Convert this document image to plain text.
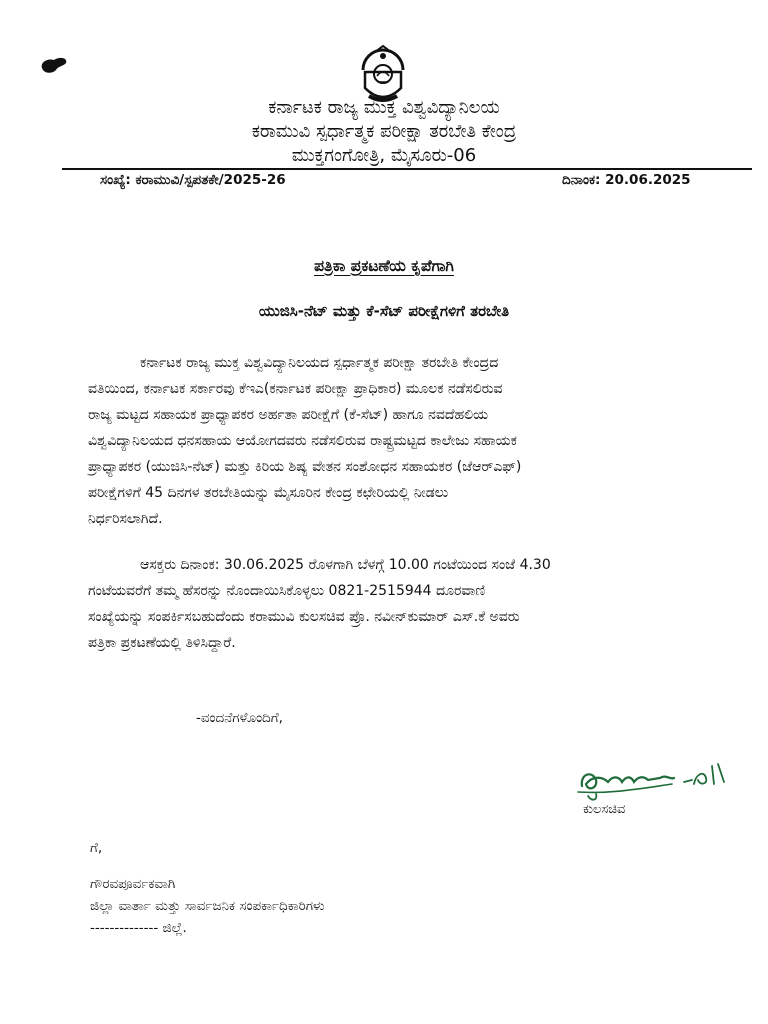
ಕರ್ನಾಟಕ ರಾಜ್ಯ ಮುಕ್ತ ವಿಶ್ವವಿದ್ಯಾನಿಲಯ
ಕರಾಮುವಿ ಸ್ಪರ್ಧಾತ್ಮಕ ಪರೀಕ್ಷಾ ತರಬೇತಿ ಕೇಂದ್ರ
ಮುಕ್ತಗಂಗೋತ್ರಿ, ಮೈಸೂರು-06
ಸಂಖ್ಯೆ: ಕರಾಮುವಿ/ಸ್ಪಪತಕೇ/2025-26	ದಿನಾಂಕ: 20.06.2025
ಪತ್ರಿಕಾ ಪ್ರಕಟಣೆಯ ಕೃಪೆಗಾಗಿ
ಯುಜಿಸಿ-ನೆಟ್ ಮತ್ತು ಕೆ-ಸೆಟ್ ಪರೀಕ್ಷೆಗಳಿಗೆ ತರಬೇತಿ
ಕರ್ನಾಟಕ ರಾಜ್ಯ ಮುಕ್ತ ವಿಶ್ವವಿದ್ಯಾನಿಲಯದ ಸ್ಪರ್ಧಾತ್ಮಕ ಪರೀಕ್ಷಾ ತರಬೇತಿ ಕೇಂದ್ರದ
ವತಿಯಿಂದ, ಕರ್ನಾಟಕ ಸರ್ಕಾರವು ಕೆಇಎ(ಕರ್ನಾಟಕ ಪರೀಕ್ಷಾ ಪ್ರಾಧಿಕಾರ) ಮೂಲಕ ನಡೆಸಲಿರುವ
ರಾಜ್ಯ ಮಟ್ಟದ ಸಹಾಯಕ ಪ್ರಾಧ್ಯಾಪಕರ ಅರ್ಹತಾ ಪರೀಕ್ಷೆಗೆ (ಕೆ-ಸೆಟ್) ಹಾಗೂ ನವದೆಹಲಿಯ
ವಿಶ್ವವಿದ್ಯಾನಿಲಯದ ಧನಸಹಾಯ ಆಯೋಗದವರು ನಡೆಸಲಿರುವ ರಾಷ್ಟ್ರಮಟ್ಟದ ಕಾಲೇಜು ಸಹಾಯಕ
ಪ್ರಾಧ್ಯಾಪಕರ (ಯುಜಿಸಿ-ನೆಟ್) ಮತ್ತು ಕಿರಿಯ ಶಿಷ್ಯ ವೇತನ ಸಂಶೋಧನ ಸಹಾಯಕರ (ಜೆಆರ್‌ಎಫ್)
ಪರೀಕ್ಷೆಗಳಿಗೆ 45 ದಿನಗಳ ತರಬೇತಿಯನ್ನು ಮೈಸೂರಿನ ಕೇಂದ್ರ ಕಛೇರಿಯಲ್ಲಿ ನೀಡಲು
ನಿರ್ಧರಿಸಲಾಗಿದೆ.
ಆಸಕ್ತರು ದಿನಾಂಕ: 30.06.2025 ರೊಳಗಾಗಿ ಬೆಳಗ್ಗೆ 10.00 ಗಂಟೆಯಿಂದ ಸಂಜೆ 4.30
ಗಂಟೆಯವರೆಗೆ ತಮ್ಮ ಹೆಸರನ್ನು ನೊಂದಾಯಿಸಿಕೊಳ್ಳಲು 0821-2515944 ದೂರವಾಣಿ
ಸಂಖ್ಯೆಯನ್ನು ಸಂಪರ್ಕಿಸಬಹುದೆಂದು ಕರಾಮುವಿ ಕುಲಸಚಿವ ಪ್ರೊ. ನವೀನ್‌ಕುಮಾರ್ ಎಸ್.ಕೆ ಅವರು
ಪತ್ರಿಕಾ ಪ್ರಕಟಣೆಯಲ್ಲಿ ತಿಳಿಸಿದ್ದಾರೆ.
-ವಂದನೆಗಳೊಂದಿಗೆ,
ಕುಲಸಚಿವ
ಗೆ,
ಗೌರವಪೂರ್ವಕವಾಗಿ
ಜಿಲ್ಲಾ ವಾರ್ತಾ ಮತ್ತು ಸಾರ್ವಜನಿಕ ಸಂಪರ್ಕಾಧಿಕಾರಿಗಳು
-------------- ಜಿಲ್ಲೆ.
